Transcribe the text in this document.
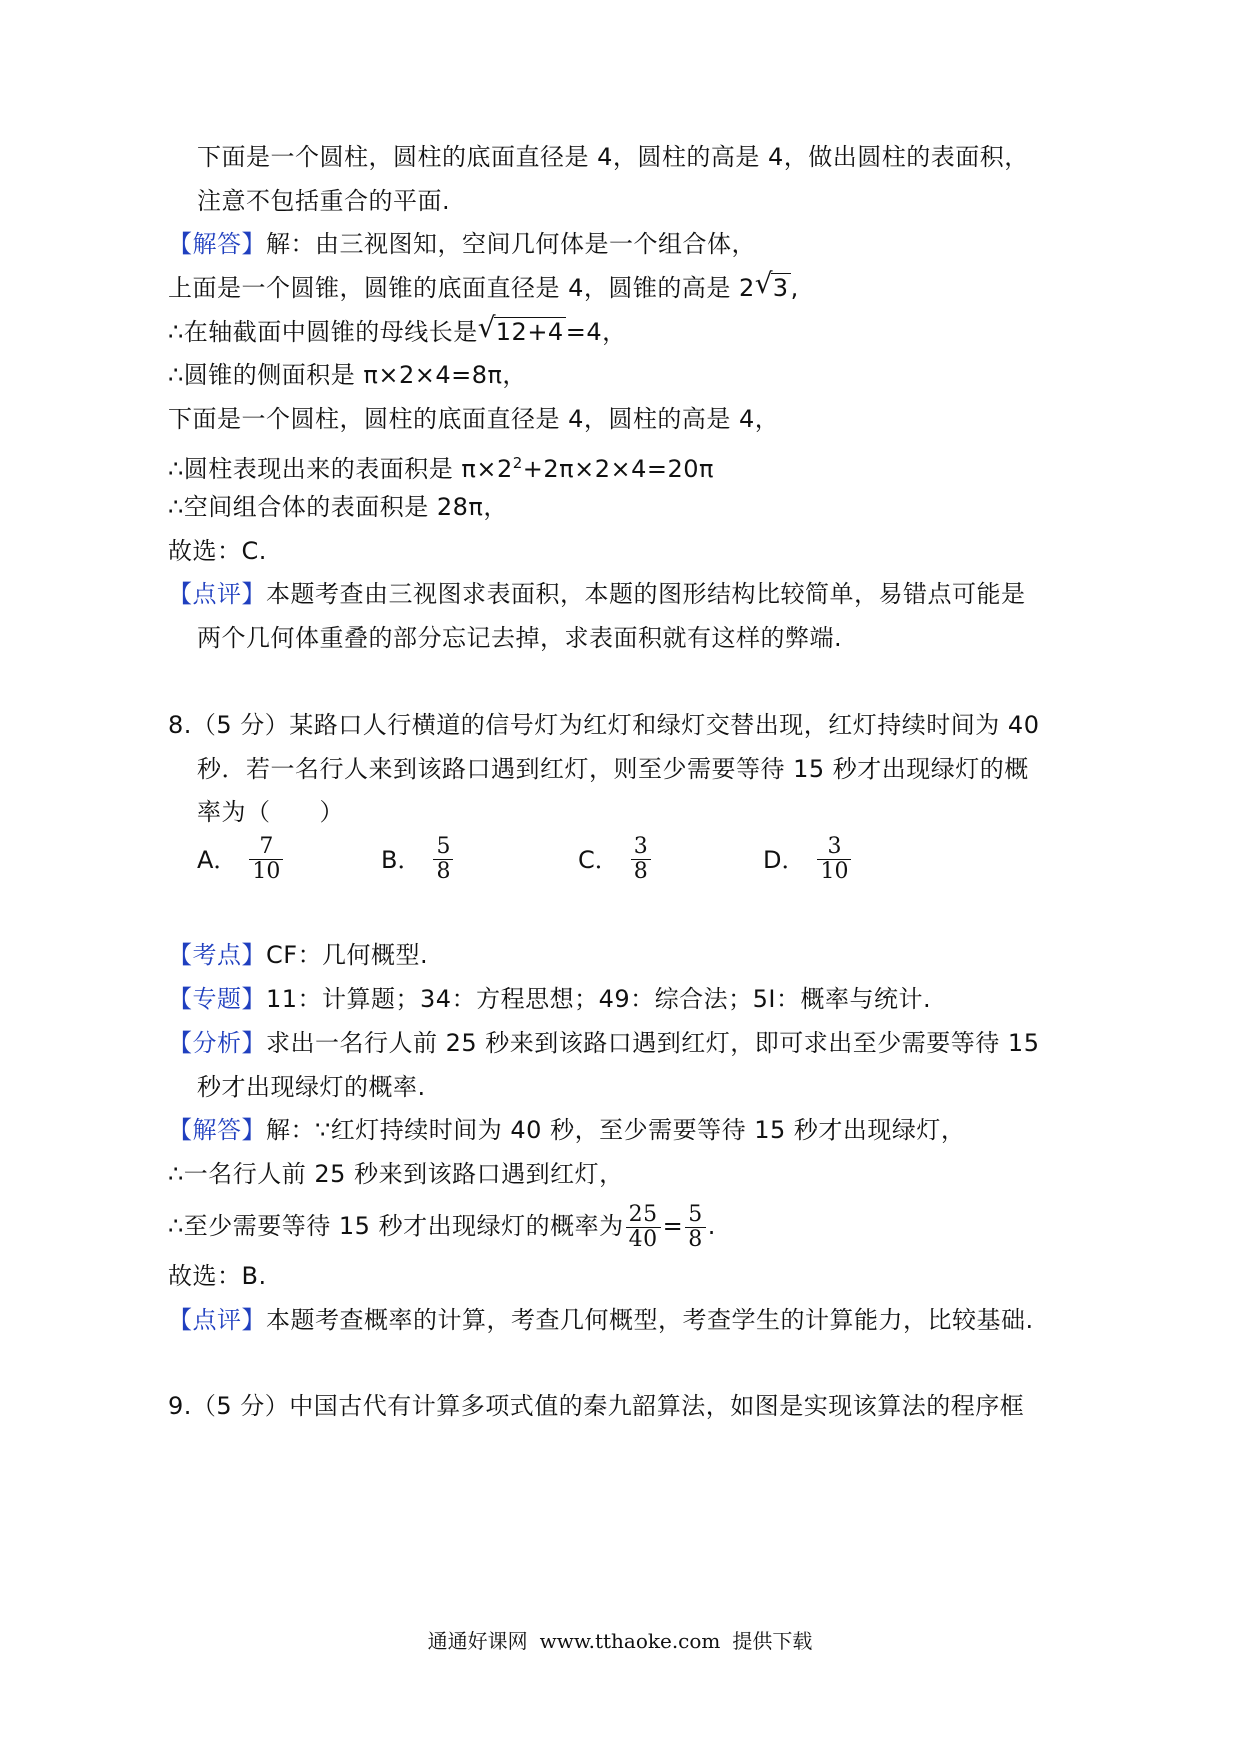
下面是一个圆柱，圆柱的底面直径是 4，圆柱的高是 4，做出圆柱的表面积，
注意不包括重合的平面.
【解答】解：由三视图知，空间几何体是一个组合体，
上面是一个圆锥，圆锥的底面直径是 4，圆锥的高是 2 √ 3,
∴在轴截面中圆锥的母线长是 √ 12+4=4，
∴圆锥的侧面积是 π×2×4=8π，
下面是一个圆柱，圆柱的底面直径是 4，圆柱的高是 4，
∴圆柱表现出来的表面积是 $\pi\times 2^2+2\pi\times 2\times 4=20\pi$
∴空间组合体的表面积是 28π，
故选：C.
【点评】本题考查由三视图求表面积，本题的图形结构比较简单，易错点可能是
两个几何体重叠的部分忘记去掉，求表面积就有这样的弊端.
8.（5 分）某路口人行横道的信号灯为红灯和绿灯交替出现，红灯持续时间为 40
秒．若一名行人来到该路口遇到红灯，则至少需要等待 15 秒才出现绿灯的概
率为（　　）
A． $\frac{7}{10}$	B． $\frac{5}{8}$	C． $\frac{3}{8}$	D． $\frac{3}{10}$
【考点】CF：几何概型.
【专题】11：计算题；34：方程思想；49：综合法；5I：概率与统计.
【分析】求出一名行人前 25 秒来到该路口遇到红灯，即可求出至少需要等待 15
秒才出现绿灯的概率.
【解答】解：∵红灯持续时间为 40 秒，至少需要等待 15 秒才出现绿灯，
∴一名行人前 25 秒来到该路口遇到红灯，
∴至少需要等待 15 秒才出现绿灯的概率为 $\frac{25}{40} = \frac{5}{8}$ .
故选：B.
【点评】本题考查概率的计算，考查几何概型，考查学生的计算能力，比较基础.
9.（5 分）中国古代有计算多项式值的秦九韶算法，如图是实现该算法的程序框
通通好课网 www.tthaoke.com 提供下载
